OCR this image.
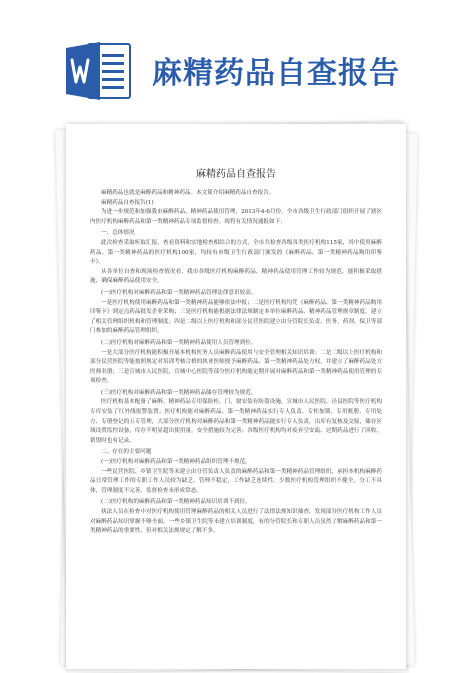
麻精药品自查报告
麻精药品自查报告

麻精药品也就是麻醉药品和精神药品。本文简介绍麻精药品自查报告。

麻精药品自查报告(1)

为进一步规范和加强我市麻醉药品、精神药品使用管理，2013年4-6月份，全市各级卫生行政部门组织开展了辖区内医疗机构麻醉药品和第一类精神药品专项监督检查。现将有关情况通报如下：

一、总体情况

此次检查采取听取汇报、查看资料和实地检查相结合的方式，全市共检查各级各类医疗机构115家，其中使用麻醉药品、第一类精神药品的医疗机构100家，均持有市级卫生行政部门颁发的《麻醉药品、第一类精神药品购用印鉴卡》。

从各单位自查和现场检查情况看，我市各级医疗机构麻醉药品、精神药品使用管理工作较为规范，能积极采取措施，确保麻醉药品使用安全。

(一)医疗机构对麻醉药品和第一类精神药品管理法律意识较高。

一是医疗机构使用麻醉药品和第一类精神药品能够依法申报；二是医疗机构均凭《麻醉药品、第一类精神药品购用印鉴卡》到定点药品批发企业采购；三是医疗机构能根据法律法规制定本单位麻醉药品、精神药品管理规章制度，建立了相关管理组织机构和管理制度；四是二级以上医疗机构和部分民营医院建立由分管院长负责，医务、药剂、保卫等部门参加的麻醉药品管理组织。

(二)医疗机构对麻醉药品和第一类精神药品使用人员管理到位。

一是大部分医疗机构能积极开展本机构医务人员麻醉药品使用与安全管理相关知识培训；二是二级以上医疗机构和部分民营医院等能按照规定对培训考核合格的执业医师授予麻醉药品、第一类精神药品处方权，并建立了麻醉药品处方医师名册；三是宣城市人民医院、宣城中心医院等部分医疗机构能定期开展对麻醉药品和第一类精神药品使用管理的专项检查。

(三)医疗机构对麻醉药品和第一类精神药品储存管理较为规范。

医疗机构基本配备了麻醉、精神药品专用保险柜，门、窗安装有防盗设施，宣城市人民医院、泾县医院等医疗机构专库安装了红外线报警装置；医疗机构能对麻醉药品、第一类精神药品实行专人负责、专柜加锁、专用账册、专用处方、专册登记的五专管理，大部分医疗机构对麻醉药品和第一类精神药品能实行专人负责，出库有复核及交接，储存区域设置监控设备，库存不明显超出使用量，安全措施较为完善；各级医疗机构均对废弃空安瓿、过期药品进行了回收，销毁时也有记录。

二、存在的主要问题

(一)医疗机构对麻醉药品和第一类精神药品组织管理不规范。

一些民营医院、乡镇卫生院等未建立由分管负责人负责的麻醉药品和第一类精神药品管理组织，承担本机构麻醉药品日常管理工作的专职工作人员较为缺乏，管理不稳定，工作缺乏连续性。少数医疗机构管理组织不健全，分工不具体，管理制度不完善，监督检查未形成常态。

(二)医疗机构的麻醉药品和第一类精神药品知识培训不到位。

执法人员在检查中对医疗机构使用管理麻醉药品的相关人员进行了法律法规知识抽查，发现部分医疗机构工作人员对麻醉药品知识掌握不够全面，一些乡镇卫生院等未建立培训制度，有的分管院长和专职人员虽然了解麻醉药品和第一类精神药品的重要性，但对相关法规规定了解不多。
